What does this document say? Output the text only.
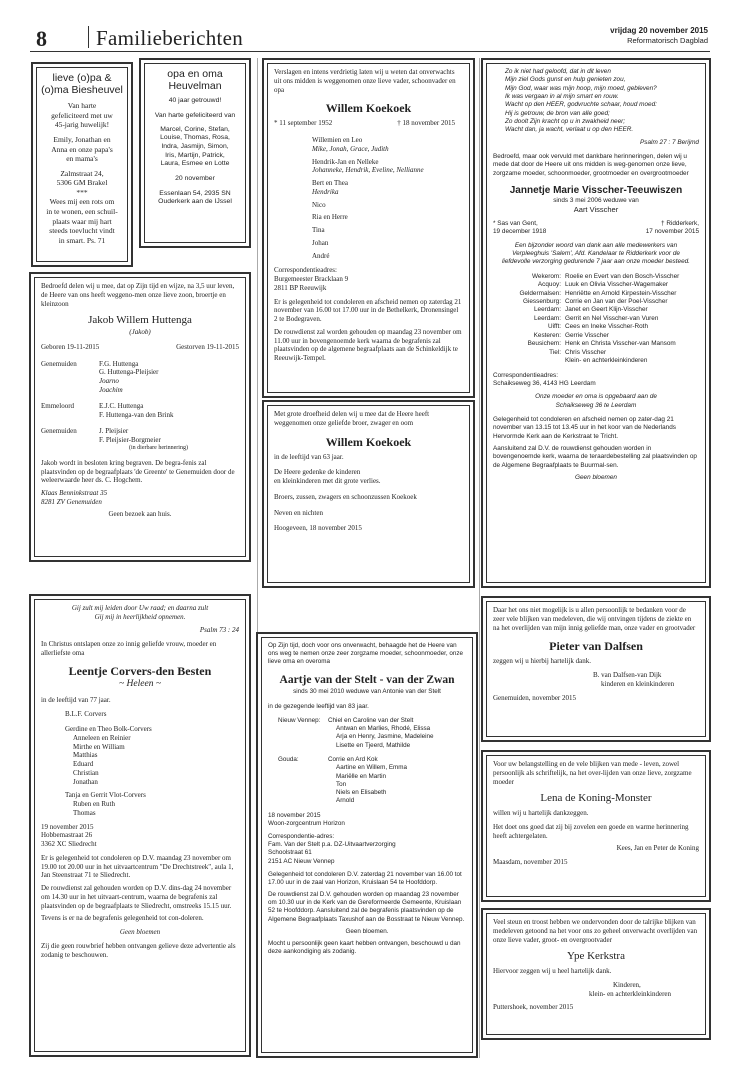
8 Familieberichten	vrijdag 20 november 2015
Reformatorisch Dagblad
lieve (o)pa &
(o)ma Biesheuvel
Van harte
gefeliciteerd met uw
45-jarig huwelijk!
Emily, Jonathan en
Anna en onze papa's
en mama's
Zalmstraat 24,
5306 GM Brakel
***
Wees mij een rots om
in te wonen, een schuil-
plaats waar mij hart
steeds toevlucht vindt
in smart. Ps. 71
opa en oma
Heuvelman
40 jaar getrouwd!
Van harte gefeliciteerd van
Marcel, Corine, Stefan,
Louise, Thomas, Rosa,
Indra, Jasmijn, Simon,
Iris, Martijn, Patrick,
Laura, Esmee en Lotte
20 november
Essenlaan 54, 2935 SN
Ouderkerk aan de IJssel
Bedroefd delen wij u mee, dat op Zijn tijd en wijze, na 3,5 uur leven, de Heere van ons heeft weggeno-men onze lieve zoon, broertje en kleinzoon
Jakob Willem Huttenga
(Jakob)
Geboren 19-11-2015	Gestorven 19-11-2015
Genemuiden	F.G. Huttenga
G. Huttenga-Pleijsier
Joarno
Joachim
Emmeloord	E.J.C. Huttenga
F. Huttenga-van den Brink
Genemuiden	J. Pleijsier
F. Pleijsier-Borgmeier
(in dierbare herinnering)
Jakob wordt in besloten kring begraven. De begra-fenis zal plaatsvinden op de begraafplaats 'de Greente' te Genemuiden door de weleerwaarde heer ds. C. Hogchem.
Klaas Benninkstraat 35
8281 ZV Genemuiden
Geen bezoek aan huis.
Verslagen en intens verdrietig laten wij u weten dat onverwachts uit ons midden is weggenomen onze lieve vader, schoonvader en opa
Willem Koekoek
* 11 september 1952	† 18 november 2015
Willemien en Leo
Mike, Jonah, Grace, Judith
Hendrik-Jan en Nelleke
Johanneke, Hendrik, Eveline, Nellianne
Bert en Thea
Hendrika
Nico
Ria en Herre
Tina
Johan
André
Correspondentieadres:
Burgemeester Bracklaan 9
2811 BP Reeuwijk
Er is gelegenheid tot condoleren en afscheid nemen op zaterdag 21 november van 16.00 tot 17.00 uur in de Bethelkerk, Dronensingel 2 te Bodegraven.
De rouwdienst zal worden gehouden op maandag 23 november om 11.00 uur in bovengenoemde kerk waarna de begrafenis zal plaatsvinden op de algemene begraafplaats aan de Schinkeldijk te Reeuwijk-Tempel.
Met grote droefheid delen wij u mee dat de Heere heeft weggenomen onze geliefde broer, zwager en oom
Willem Koekoek
in de leeftijd van 63 jaar.
De Heere gedenke de kinderen
en kleinkinderen met dit grote verlies.
Broers, zussen, zwagers en schoonzussen Koekoek
Neven en nichten
Hoogeveen, 18 november 2015
Zo ik niet had geloofd, dat in dit leven
Mijn ziel Gods gunst en hulp genieten zou,
Mijn God, waar was mijn hoop, mijn moed, gebleven?
Ik was vergaan in al mijn smart en rouw.
Wacht op den HEER, godvruchte schaar, houd moed:
Hij is getrouw, de bron van alle goed;
Zo doolt Zijn kracht op u in zwakheid neer;
Wacht dan, ja wacht, verlaat u op den HEER.
Psalm 27 : 7 Berijmd
Bedroefd, maar ook vervuld met dankbare herinneringen, delen wij u mede dat door de Heere uit ons midden is weg-genomen onze lieve, zorgzame moeder, schoonmoeder, grootmoeder en overgrootmoeder
Jannetje Marie Visscher-Teeuwiszen
sinds 3 mei 2006 weduwe van
Aart Visscher
* Sas van Gent,
19 december 1918
† Ridderkerk,
17 november 2015
Een bijzonder woord van dank aan alle medewerkers van Verpleeghuis 'Salem', Afd. Kandelaar te Ridderkerk voor de liefdevolle verzorging gedurende 7 jaar aan onze moeder besteed.
Wekerom:	Roelie en Evert van den Bosch-Visscher
Acquoy:	Luuk en Olivia Visscher-Wagemaker
Geldermalsen:	Henriëtte en Arnold Kirpestein-Visscher
Giessenburg:	Corrie en Jan van der Poel-Visscher
Leerdam:	Janet en Geert Klijn-Visscher
Leerdam:	Gerrit en Nel Visscher-van Vuren
Uifft:	Cees en Ineke Visscher-Roth
Kesteren:	Gerrie Visscher
Beusichem:	Henk en Christa Visscher-van Mansom
Tiel:	Chris Visscher
	Klein- en achterkleinkinderen
Correspondentieadres:
Schaikseweg 36, 4143 HG Leerdam
Onze moeder en oma is opgebaard aan de
Schaikseweg 36 te Leerdam
Gelegenheid tot condoleren en afscheid nemen op zater-dag 21 november van 13.15 tot 13.45 uur in het koor van de Nederlands Hervormde Kerk aan de Kerkstraat te Tricht.
Aansluitend zal D.V. de rouwdienst gehouden worden in bovengenoemde kerk, waarna de teraardebestelling zal plaatsvinden op de Algemene Begraafplaats te Buurmal-sen.
Geen bloemen
Gij zult mij leiden door Uw raad; en daarna zult
Gij mij in heerlijkheid opnemen.
Psalm 73 : 24
In Christus ontslapen onze zo innig geliefde vrouw, moeder en allerliefste oma
Leentje Corvers-den Besten
~ Heleen ~
in de leeftijd van 77 jaar.
B.L.F. Corvers
Gerdine en Theo Bolk-Corvers
Anneleen en Reinier
Mirthe en William
Matthias
Eduard
Christian
Jonathan
Tanja en Gerrit Vlot-Corvers
Ruben en Ruth
Thomas
19 november 2015
Hobbemastraat 26
3362 XC Sliedrecht
Er is gelegenheid tot condoleren op D.V. maandag 23 november om 19.00 tot 20.00 uur in het uitvaartcentrum "De Drechtstreek", aula 1, Jan Steenstraat 71 te Sliedrecht.
De rouwdienst zal gehouden worden op D.V. dins-dag 24 november om 14.30 uur in het uitvaart-centrum, waarna de begrafenis zal plaatsvinden op de begraafplaats te Sliedrecht, omstreeks 15.15 uur.
Tevens is er na de begrafenis gelegenheid tot con-doleren.
Geen bloemen
Zij die geen rouwbrief hebben ontvangen gelieve deze advertentie als zodanig te beschouwen.
Op Zijn tijd, doch voor ons onverwacht, behaagde het de Heere van ons weg te nemen onze zeer zorgzame moeder, schoonmoeder, onze lieve oma en overoma
Aartje van der Stelt - van der Zwan
sinds 30 mei 2010 weduwe van Antonie van der Stelt
in de gezegende leeftijd van 83 jaar.
Nieuw Vennep:	Chiel en Caroline van der Stelt
Antwan en Marlies, Rhodé, Elissa
Arja en Henry, Jasmine, Madeleine
Lisette en Tjeerd, Mathilde
Gouda:	Corrie en Ard Kok
Aartine en Willem, Emma
Mariëlle en Martin
Ton
Niels en Elisabeth
Arnold
18 november 2015
Woon-zorgcentrum Horizon
Correspondentie-adres:
Fam. Van der Stelt p.a. DZ-Uitvaartverzorging
Schoolstraat 61
2151 AC Nieuw Vennep
Gelegenheid tot condoleren D.V. zaterdag 21 november van 16.00 tot 17.00 uur in de zaal van Horizon, Kruislaan 54 te Hoofddorp.
De rouwdienst zal D.V. gehouden worden op maandag 23 november om 10.30 uur in de Kerk van de Gereformeerde Gemeente, Kruislaan 52 te Hoofddorp. Aansluitend zal de begrafenis plaatsvinden op de Algemene Begraafplaats Taxushof aan de Bosstraat te Nieuw Vennep.
Geen bloemen.
Mocht u persoonlijk geen kaart hebben ontvangen, beschouwd u dan deze aankondiging als zodanig.
Daar het ons niet mogelijk is u allen persoonlijk te bedanken voor de zeer vele blijken van medeleven, die wij ontvingen tijdens de ziekte en na het overlijden van mijn innig geliefde man, onze vader en grootvader
Pieter van Dalfsen
zeggen wij u hierbij hartelijk dank.
B. van Dalfsen-van Dijk
kinderen en kleinkinderen
Genemuiden, november 2015
Voor uw belangstelling en de vele blijken van mede - leven, zowel persoonlijk als schriftelijk, na het over-lijden van onze lieve, zorgzame moeder
Lena de Koning-Monster
willen wij u hartelijk dankzeggen.
Het doet ons goed dat zij bij zovelen een goede en warme herinnering heeft achtergelaten.
Kees, Jan en Peter de Koning
Maasdam, november 2015
Veel steun en troost hebben we ondervonden door de talrijke blijken van medeleven getoond na het voor ons zo geheel onverwacht overlijden van onze lieve vader, groot- en overgrootvader
Ype Kerkstra
Hiervoor zeggen wij u heel hartelijk dank.
Kinderen,
klein- en achterkleinkinderen
Puttershoek, november 2015
